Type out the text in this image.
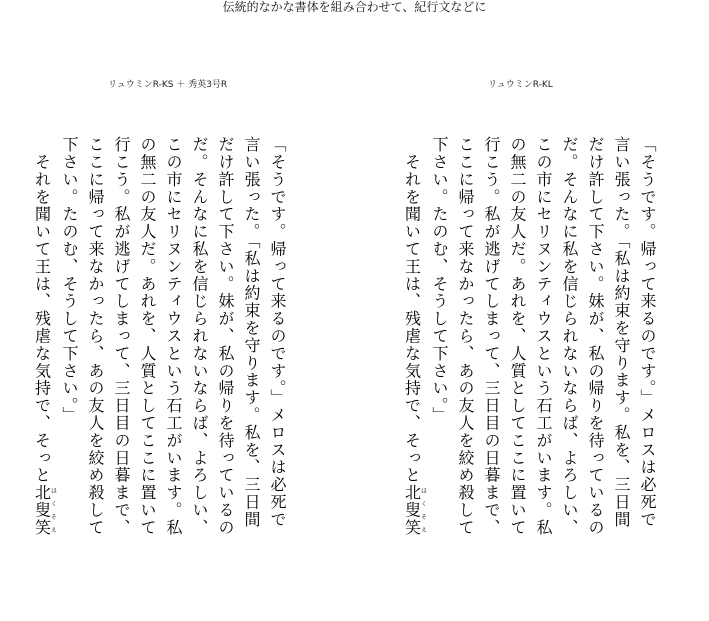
伝統的なかな書体を組み合わせて、紀行文などに
リュウミンR-KS ＋ 秀英3号R	リュウミンR-KL
「そうです。帰って来るのです。」メロスは必死で
言い張った。「私は約束を守ります。私を、三日間
だけ許して下さい。妹が、私の帰りを待っているの
だ。そんなに私を信じられないならば、よろしい、
この市にセリヌンティウスという石工がいます。私
の無二の友人だ。あれを、人質としてここに置いて
行こう。私が逃げてしまって、三日目の日暮まで、
ここに帰って来なかったら、あの友人を絞め殺して
下さい。たのむ、そうして下さい。」
　それを聞いて王は、残虐な気持で、そっと北叟笑ほくそえ	「そうです。帰って来るのです。」メロスは必死で
言い張った。「私は約束を守ります。私を、三日間
だけ許して下さい。妹が、私の帰りを待っているの
だ。そんなに私を信じられないならば、よろしい、
この市にセリヌンティウスという石工がいます。私
の無二の友人だ。あれを、人質としてここに置いて
行こう。私が逃げてしまって、三日目の日暮まで、
ここに帰って来なかったら、あの友人を絞め殺して
下さい。たのむ、そうして下さい。」
　それを聞いて王は、残虐な気持で、そっと北叟笑ほくそえ
